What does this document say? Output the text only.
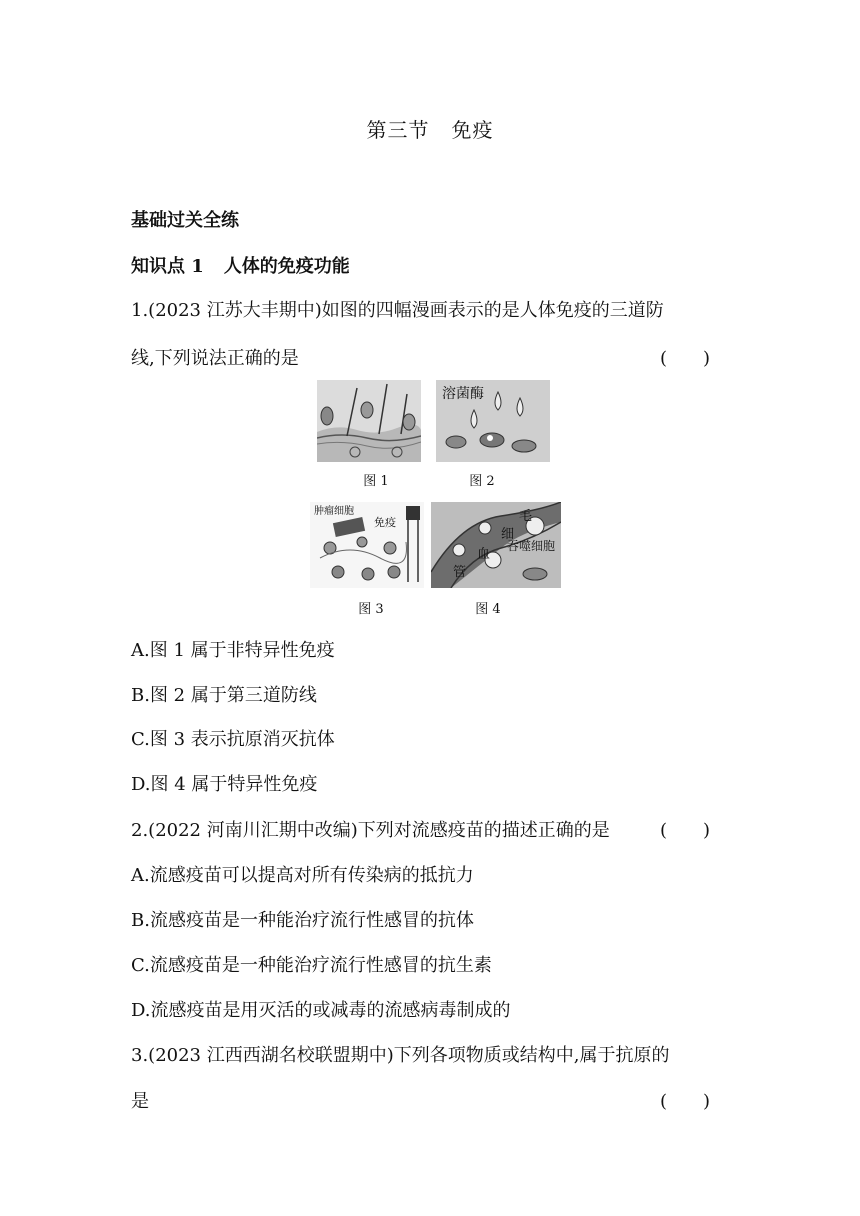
第三节 免疫
基础过关全练
知识点 1 人体的免疫功能
1.(2023 江苏大丰期中)如图的四幅漫画表示的是人体免疫的三道防
线,下列说法正确的是	(　　)
图 1
溶菌酶
图 2
肿瘤细胞
免疫
图 3
毛
细
血
管
吞噬细胞
图 4
A.图 1 属于非特异性免疫
B.图 2 属于第三道防线
C.图 3 表示抗原消灭抗体
D.图 4 属于特异性免疫
2.(2022 河南川汇期中改编)下列对流感疫苗的描述正确的是	(　　)
A.流感疫苗可以提高对所有传染病的抵抗力
B.流感疫苗是一种能治疗流行性感冒的抗体
C.流感疫苗是一种能治疗流行性感冒的抗生素
D.流感疫苗是用灭活的或减毒的流感病毒制成的
3.(2023 江西西湖名校联盟期中)下列各项物质或结构中,属于抗原的
是	(　　)
